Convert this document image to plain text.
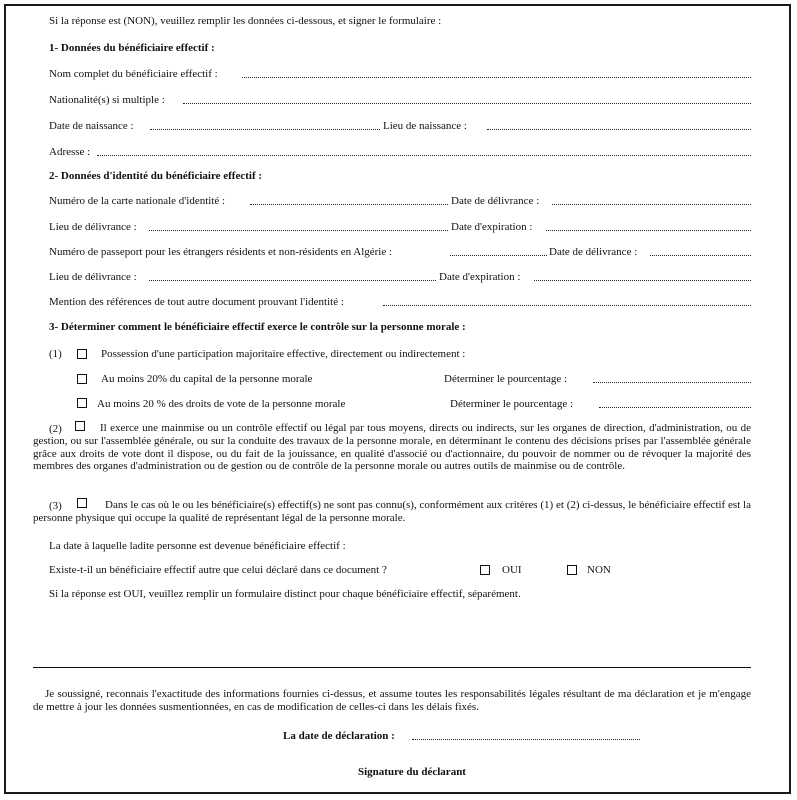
Si la réponse est (NON), veuillez remplir les données ci-dessous, et signer le formulaire :
1- Données du bénéficiaire effectif :
Nom complet du bénéficiaire effectif :
Nationalité(s) si multiple :
Date de naissance :	Lieu de naissance :
Adresse :
2- Données d'identité du bénéficiaire effectif :
Numéro de la carte nationale d'identité :	Date de délivrance :
Lieu de délivrance :	Date d'expiration :
Numéro de passeport pour les étrangers résidents et non-résidents en Algérie :	Date de délivrance :
Lieu de délivrance :	Date d'expiration :
Mention des références de tout autre document prouvant l'identité :
3- Déterminer comment le bénéficiaire effectif exerce le contrôle sur la personne morale :
(1)	Possession d'une participation majoritaire effective, directement ou indirectement :
Au moins 20% du capital de la personne morale	Déterminer le pourcentage :
Au moins 20 % des droits de vote de la personne morale	Déterminer le pourcentage :
(2)	Il exerce une mainmise ou un contrôle effectif ou légal par tous moyens, directs ou indirects, sur les organes de direction, d'administration, ou de gestion, ou sur l'assemblée générale, ou sur la conduite des travaux de la personne morale, en déterminant le contenu des décisions prises par l'assemblée générale grâce aux droits de vote dont il dispose, ou du fait de la jouissance, en qualité d'associé ou d'actionnaire, du pouvoir de nommer ou de révoquer la majorité des membres des organes d'administration ou de gestion ou de contrôle de la personne morale ou autres outils de mainmise ou de contrôle.
(3)	Dans le cas où le ou les bénéficiaire(s) effectif(s) ne sont pas connu(s), conformément aux critères (1) et (2) ci-dessus, le bénéficiaire effectif est la personne physique qui occupe la qualité de représentant légal de la personne morale.
La date à laquelle ladite personne est devenue bénéficiaire effectif :
Existe-t-il un bénéficiaire effectif autre que celui déclaré dans ce document ?	OUI	NON
Si la réponse est OUI, veuillez remplir un formulaire distinct pour chaque bénéficiaire effectif, séparément.
Je soussigné, reconnais l'exactitude des informations fournies ci-dessus, et assume toutes les responsabilités légales résultant de ma déclaration et je m'engage de mettre à jour les données susmentionnées, en cas de modification de celles-ci dans les délais fixés.
La date de déclaration :
Signature du déclarant
